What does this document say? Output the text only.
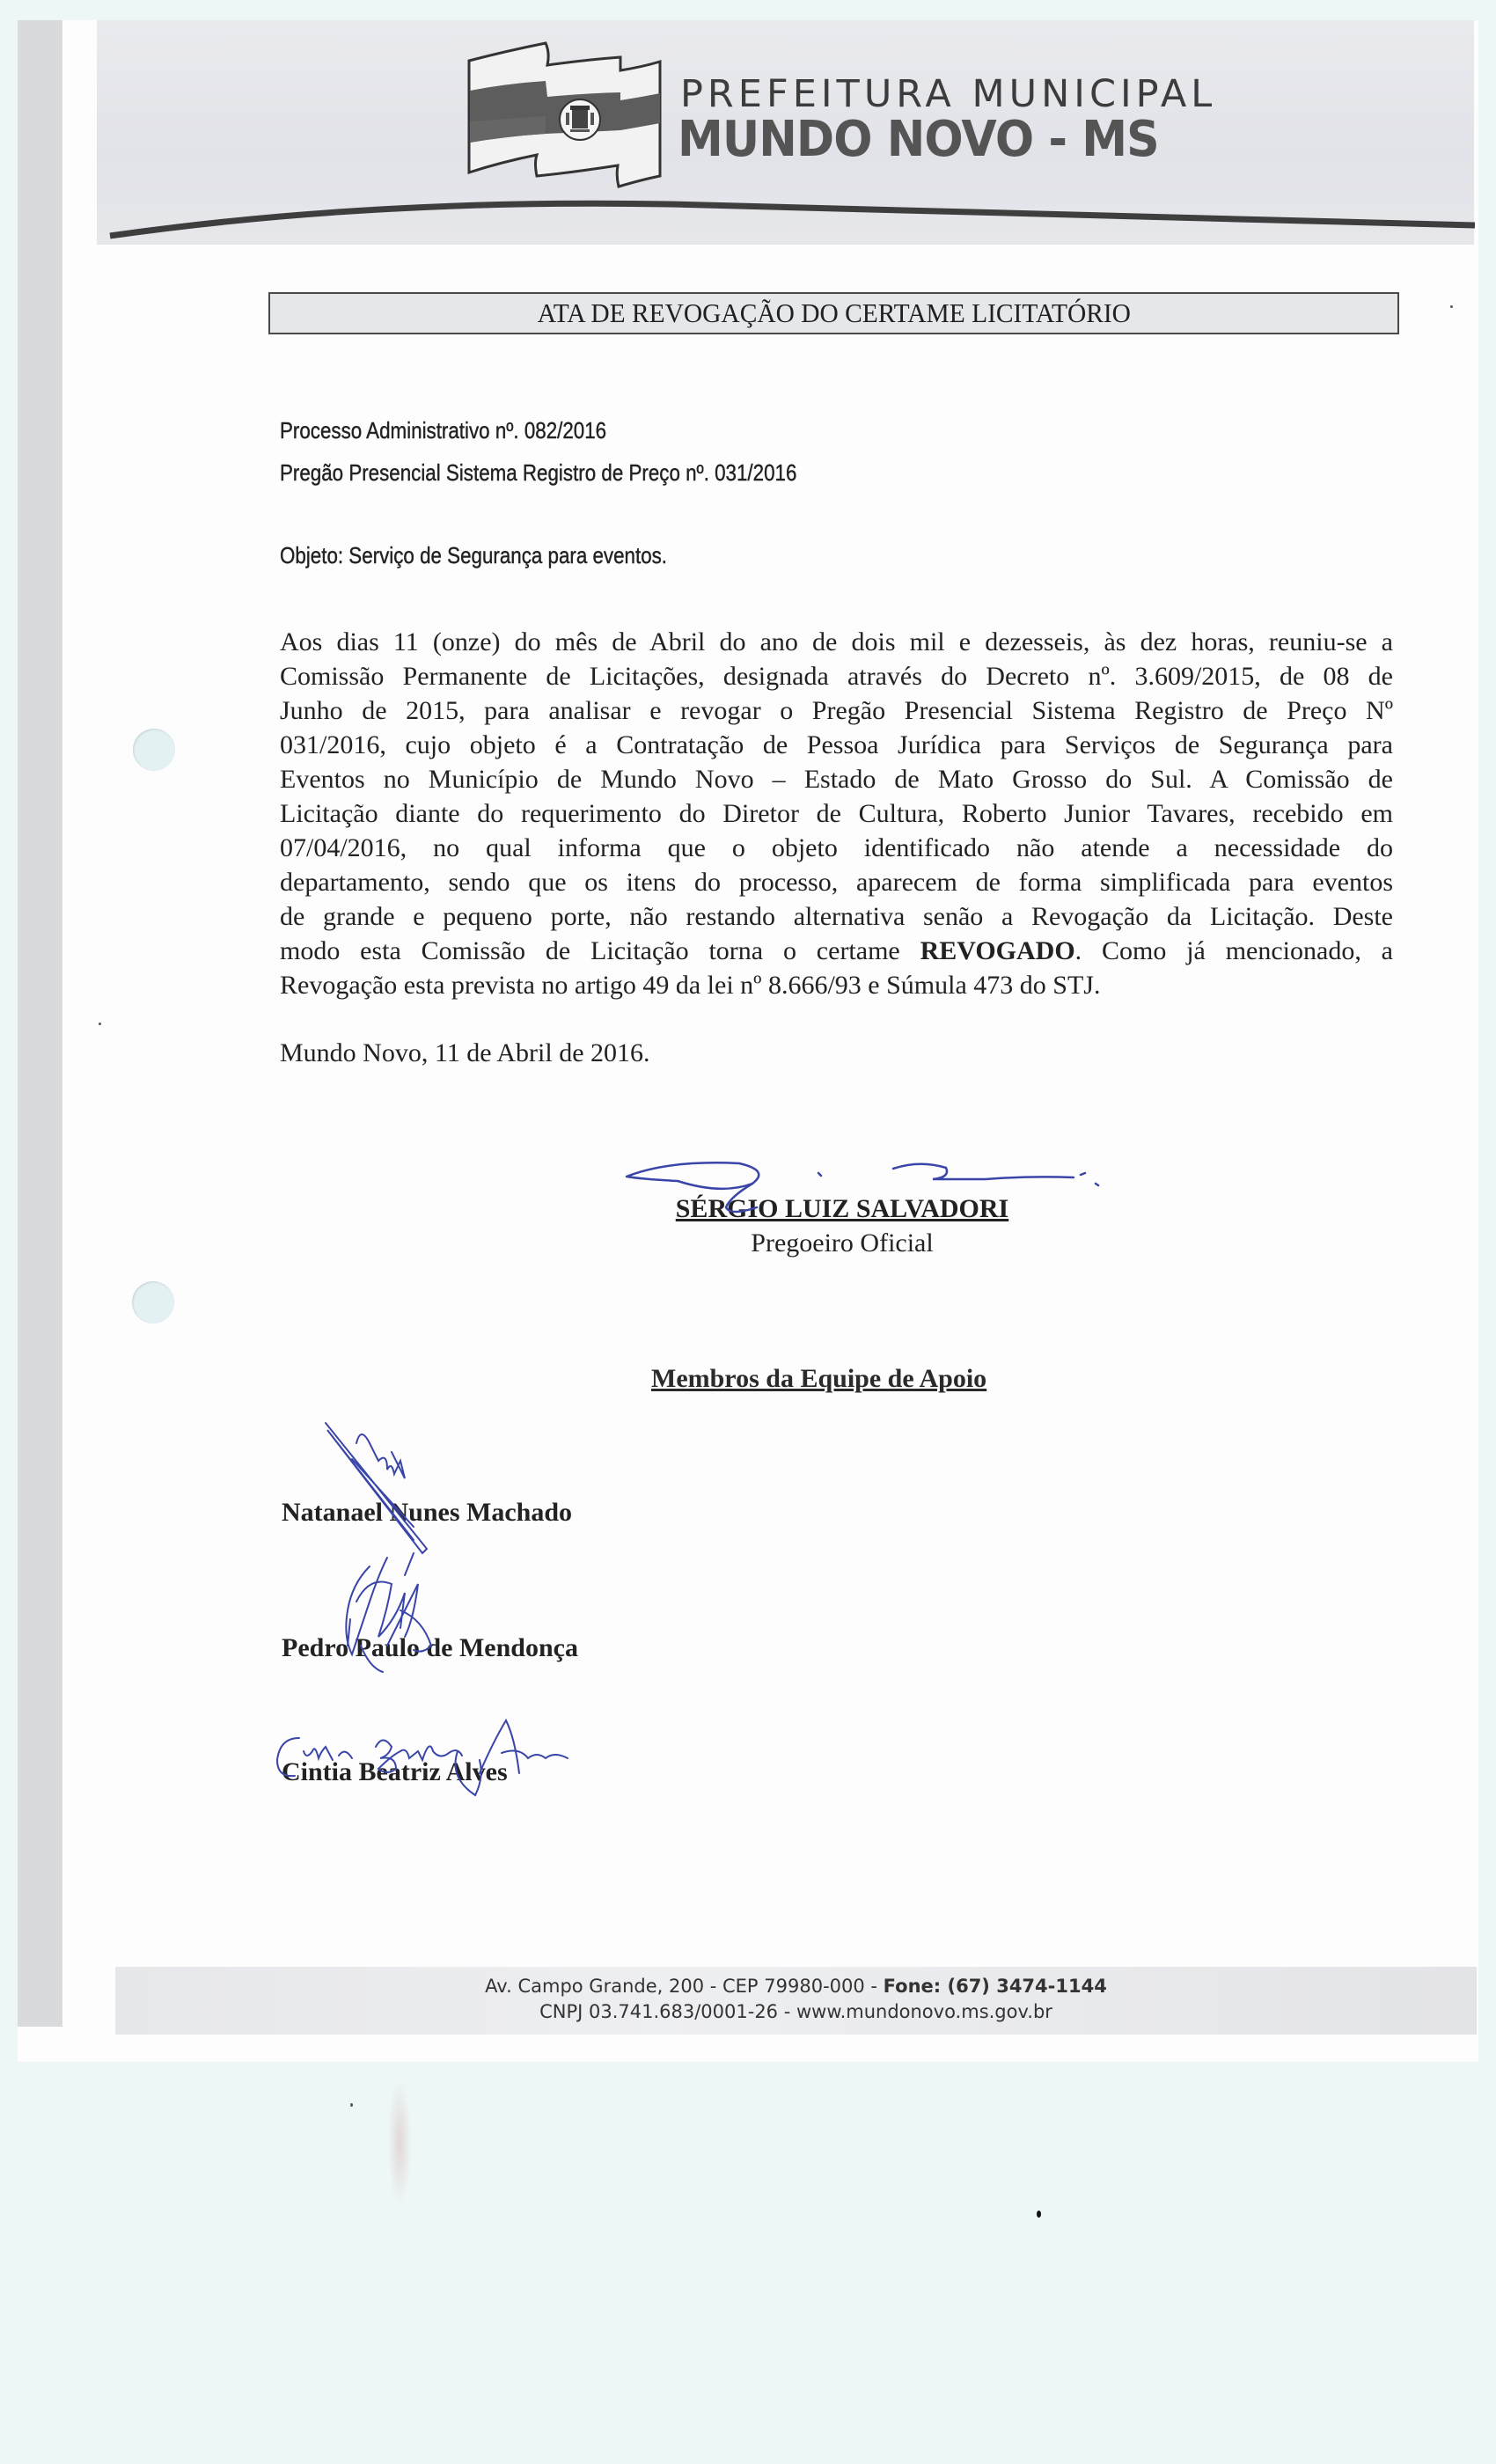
PREFEITURA MUNICIPAL
MUNDO NOVO - MS
ATA DE REVOGAÇÃO DO CERTAME LICITATÓRIO
Processo Administrativo nº. 082/2016
Pregão Presencial Sistema Registro de Preço nº. 031/2016
Objeto: Serviço de Segurança para eventos.
Aos dias 11 (onze) do mês de Abril do ano de dois mil e dezesseis, às dez horas, reuniu-se a
Comissão Permanente de Licitações, designada através do Decreto nº. 3.609/2015, de 08 de
Junho de 2015, para analisar e revogar o Pregão Presencial Sistema Registro de Preço Nº
031/2016, cujo objeto é a Contratação de Pessoa Jurídica para Serviços de Segurança para
Eventos no Município de Mundo Novo – Estado de Mato Grosso do Sul. A Comissão de
Licitação diante do requerimento do Diretor de Cultura, Roberto Junior Tavares, recebido em
07/04/2016, no qual informa que o objeto identificado não atende a necessidade do
departamento, sendo que os itens do processo, aparecem de forma simplificada para eventos
de grande e pequeno porte, não restando alternativa senão a Revogação da Licitação. Deste
modo esta Comissão de Licitação torna o certame REVOGADO. Como já mencionado, a
Revogação esta prevista no artigo 49 da lei nº 8.666/93 e Súmula 473 do STJ.
Mundo Novo, 11 de Abril de 2016.
SÉRGIO LUIZ SALVADORI
Pregoeiro Oficial
Membros da Equipe de Apoio
Natanael Nunes Machado
Pedro Paulo de Mendonça
Cintia Beatriz Alves
Av. Campo Grande, 200 - CEP 79980-000 - Fone: (67) 3474-1144
CNPJ 03.741.683/0001-26 - www.mundonovo.ms.gov.br
